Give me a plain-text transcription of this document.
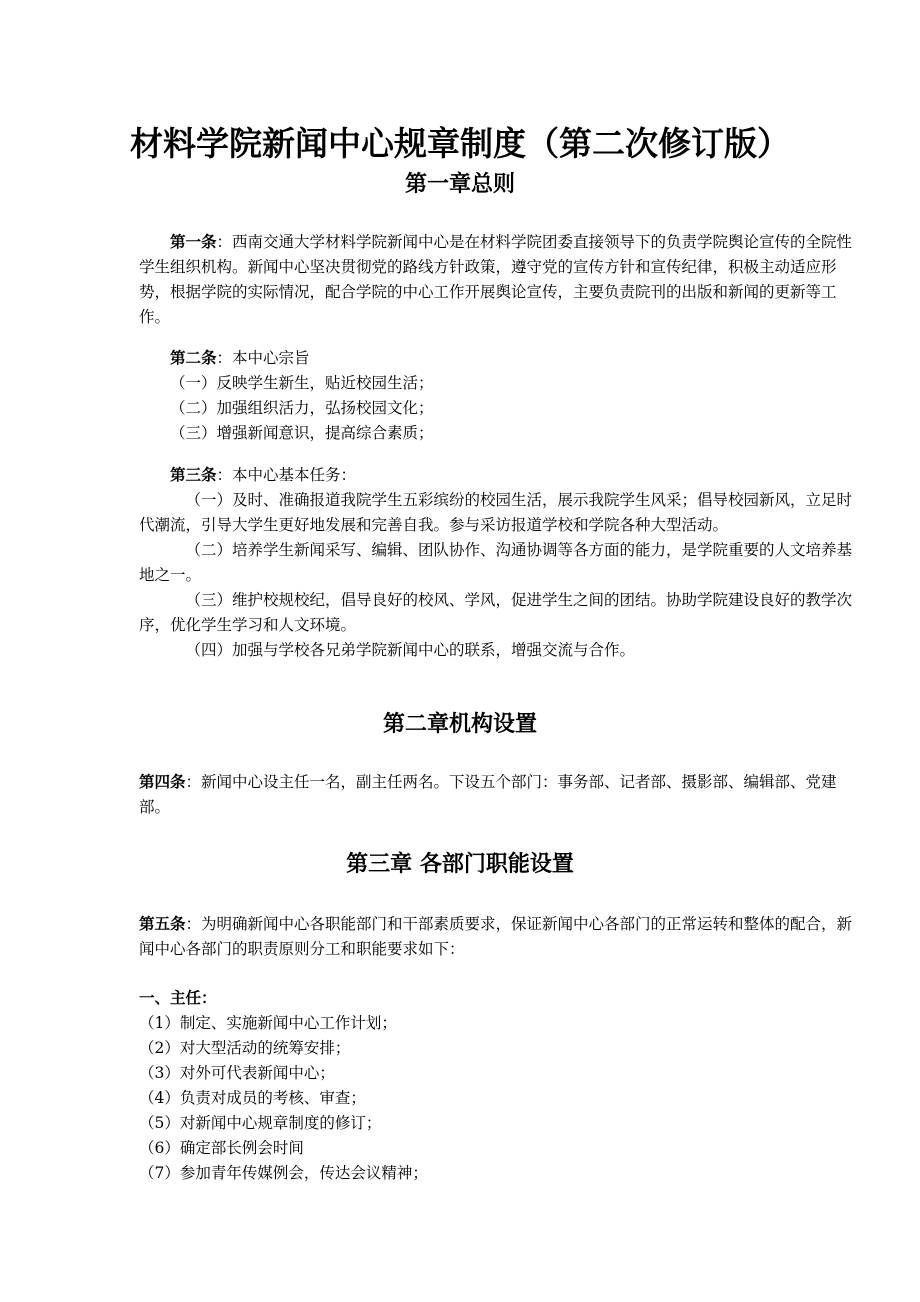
材料学院新闻中心规章制度（第二次修订版）
第一章总则

第一条：西南交通大学材料学院新闻中心是在材料学院团委直接领导下的负责学院舆论宣传的全院性学生组织机构。新闻中心坚决贯彻党的路线方针政策，遵守党的宣传方针和宣传纪律，积极主动适应形势，根据学院的实际情况，配合学院的中心工作开展舆论宣传，主要负责院刊的出版和新闻的更新等工作。

第二条：本中心宗旨

（一）反映学生新生，贴近校园生活；

（二）加强组织活力，弘扬校园文化；

（三）增强新闻意识，提高综合素质；

第三条：本中心基本任务：

（一）及时、准确报道我院学生五彩缤纷的校园生活，展示我院学生风采；倡导校园新风，立足时代潮流，引导大学生更好地发展和完善自我。参与采访报道学校和学院各种大型活动。

（二）培养学生新闻采写、编辑、团队协作、沟通协调等各方面的能力，是学院重要的人文培养基地之一。

（三）维护校规校纪，倡导良好的校风、学风，促进学生之间的团结。协助学院建设良好的教学次序，优化学生学习和人文环境。

（四）加强与学校各兄弟学院新闻中心的联系，增强交流与合作。

第二章机构设置

第四条：新闻中心设主任一名，副主任两名。下设五个部门：事务部、记者部、摄影部、编辑部、党建部。

第三章 各部门职能设置

第五条：为明确新闻中心各职能部门和干部素质要求，保证新闻中心各部门的正常运转和整体的配合，新闻中心各部门的职责原则分工和职能要求如下：

一、主任：

（1）制定、实施新闻中心工作计划；

（2）对大型活动的统筹安排；

（3）对外可代表新闻中心；

（4）负责对成员的考核、审查；

（5）对新闻中心规章制度的修订；

（6）确定部长例会时间

（7）参加青年传媒例会，传达会议精神；
